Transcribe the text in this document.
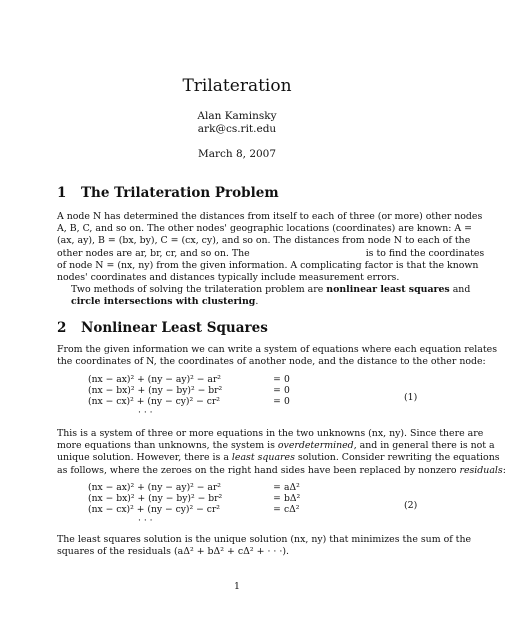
Trilateration
Alan Kaminsky
ark@cs.rit.edu
March 8, 2007
1 The Trilateration Problem

A node N has determined the distances from itself to each of three (or more) other nodes
A, B, C, and so on. The other nodes' geographic locations (coordinates) are known: A =
(ax, ay), B = (bx, by), C = (cx, cy), and so on. The distances from node N to each of the
other nodes are ar, br, cr, and so on. The	is to find the coordinates
of node N = (nx, ny) from the given information. A complicating factor is that the known
nodes' coordinates and distances typically include measurement errors.

Two methods of solving the trilateration problem are nonlinear least squares and
circle intersections with clustering.

2 Nonlinear Least Squares

From the given information we can write a system of equations where each equation relates
the coordinates of N, the coordinates of another node, and the distance to the other node:

(nx − ax)² + (ny − ay)² − ar²	= 0
(nx − bx)² + (ny − by)² − br²	= 0
(nx − cx)² + (ny − cy)² − cr²	= 0
· · ·
(1)

This is a system of three or more equations in the two unknowns (nx, ny). Since there are
more equations than unknowns, the system is overdetermined, and in general there is not a
unique solution. However, there is a least squares solution. Consider rewriting the equations
as follows, where the zeroes on the right hand sides have been replaced by nonzero residuals:

(nx − ax)² + (ny − ay)² − ar²	= aΔ²
(nx − bx)² + (ny − by)² − br²	= bΔ²
(nx − cx)² + (ny − cy)² − cr²	= cΔ²
· · ·
(2)

The least squares solution is the unique solution (nx, ny) that minimizes the sum of the
squares of the residuals (aΔ² + bΔ² + cΔ² + · · ·).

1
